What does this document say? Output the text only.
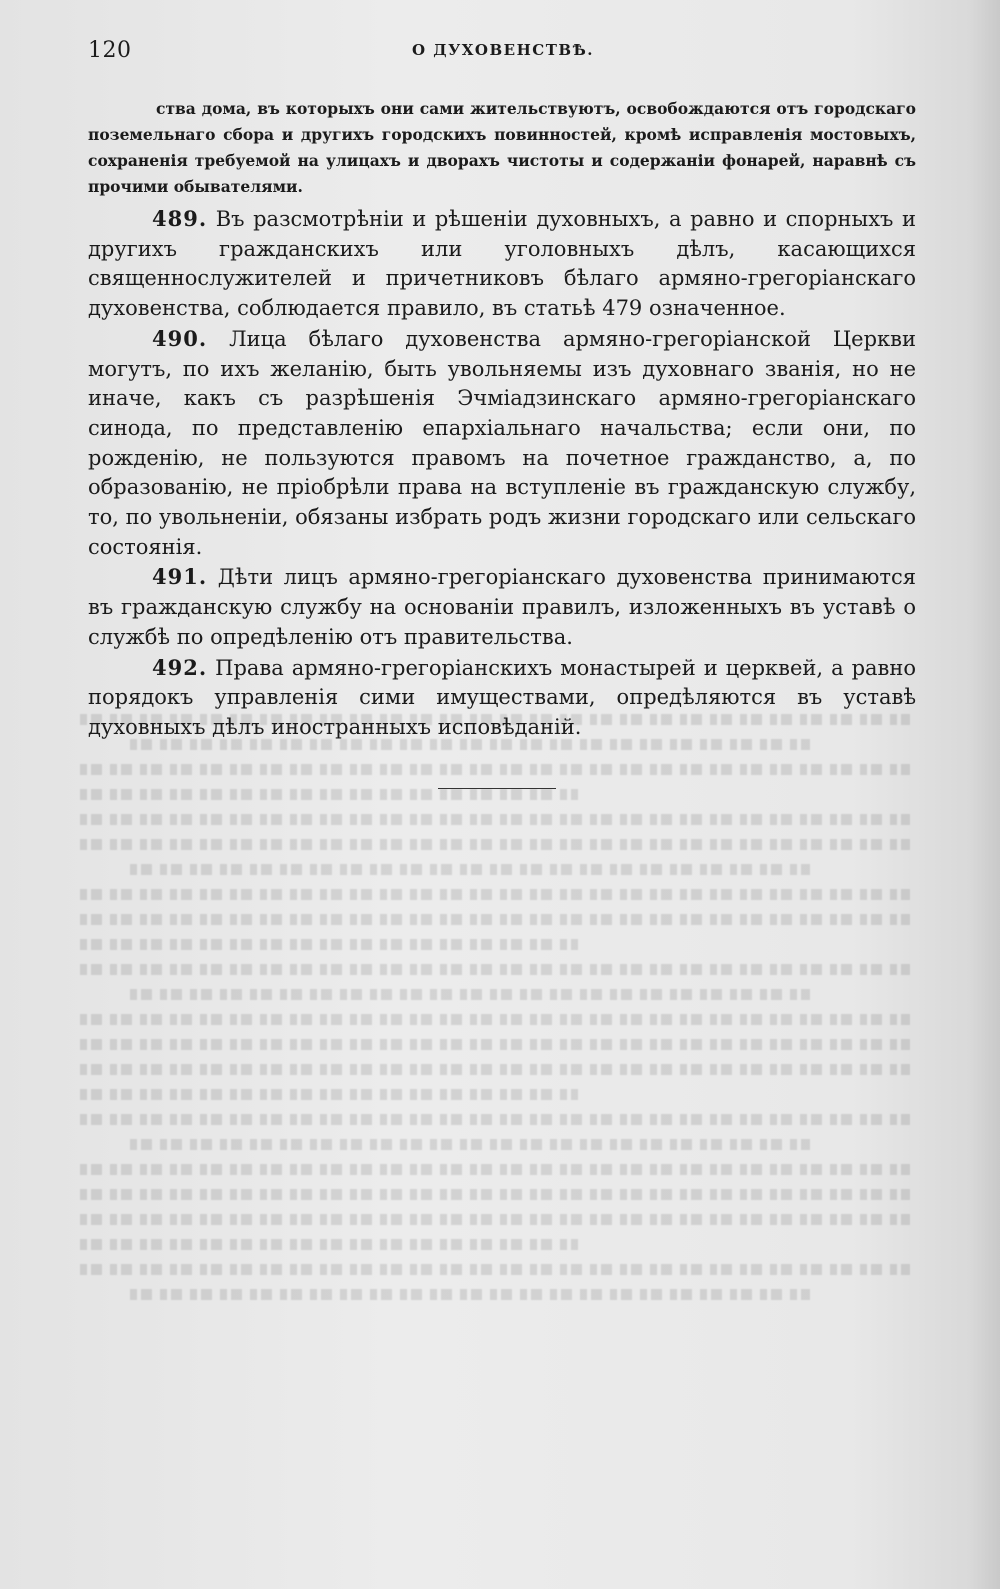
120	О ДУХОВЕНСТВѢ.

ства дома, въ которыхъ они сами жительствуютъ, освобождаются отъ городскаго поземельнаго сбора и другихъ городскихъ повинностей, кромѣ исправленія мостовыхъ, сохраненія требуемой на улицахъ и дворахъ чистоты и содержаніи фонарей, наравнѣ съ прочими обывателями.

489. Въ разсмотрѣніи и рѣшеніи духовныхъ, а равно и спорныхъ и другихъ гражданскихъ или уголовныхъ дѣлъ, касающихся священнослужителей и причетниковъ бѣлаго армяно-грегоріанскаго духовенства, соблюдается правило, въ статьѣ 479 означенное.

490. Лица бѣлаго духовенства армяно-грегоріанской Церкви могутъ, по ихъ желанію, быть увольняемы изъ духовнаго званія, но не иначе, какъ съ разрѣшенія Эчміадзинскаго армяно-грегоріанскаго синода, по представленію епархіальнаго начальства; если они, по рожденію, не пользуются правомъ на почетное гражданство, а, по образованію, не пріобрѣли права на вступленіе въ гражданскую службу, то, по увольненіи, обязаны избрать родъ жизни городскаго или сельскаго состоянія.

491. Дѣти лицъ армяно-грегоріанскаго духовенства принимаются въ гражданскую службу на основаніи правилъ, изложенныхъ въ уставѣ о службѣ по опредѣленію отъ правительства.

492. Права армяно-грегоріанскихъ монастырей и церквей, а равно порядокъ управленія сими имуществами, опредѣляются въ уставѣ духовныхъ дѣлъ иностранныхъ исповѣданій.
